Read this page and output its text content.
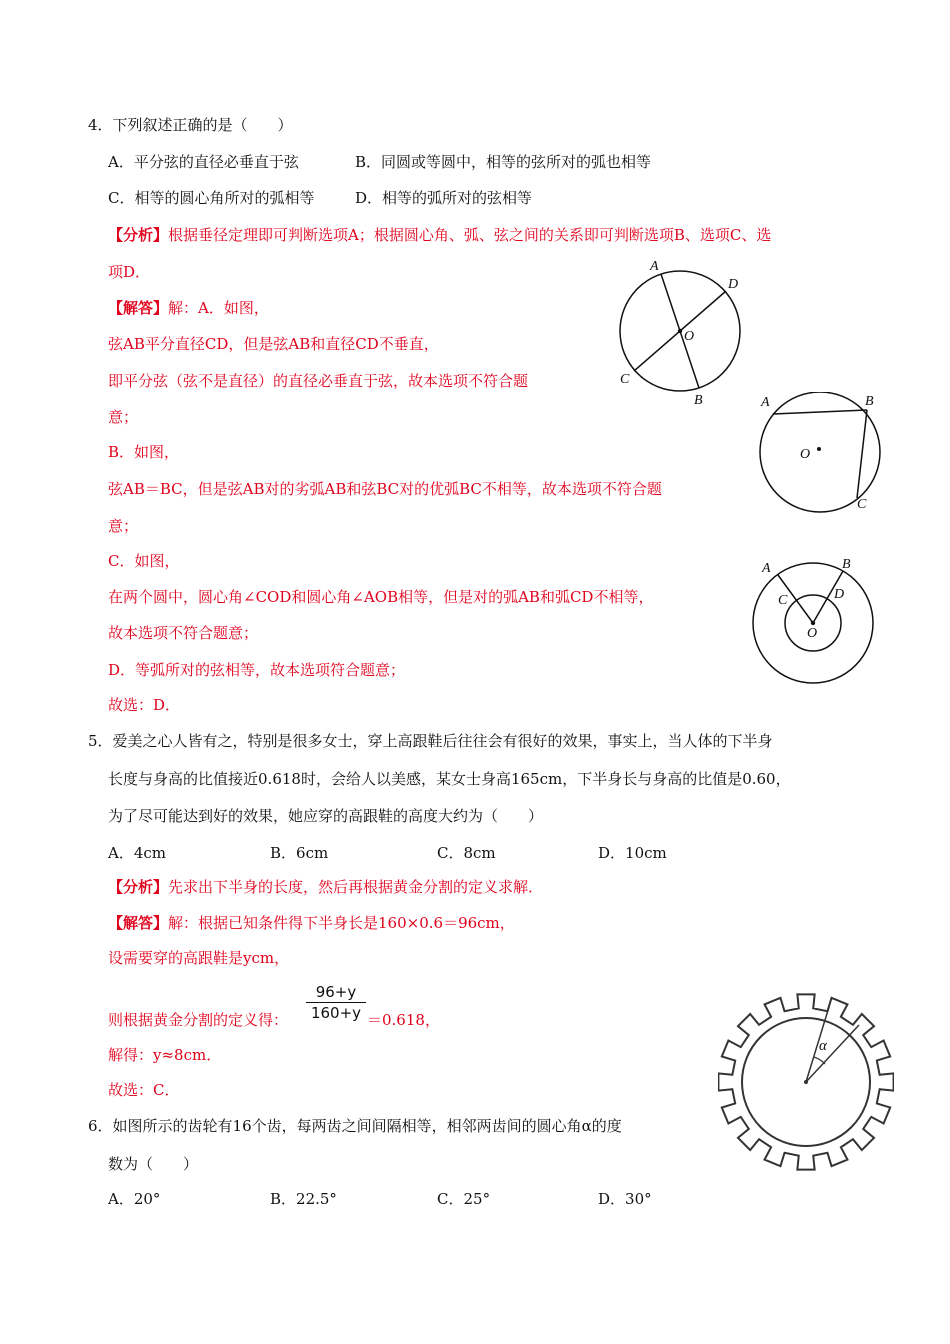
4．下列叙述正确的是（　　）
A．平分弦的直径必垂直于弦	B．同圆或等圆中，相等的弦所对的弧也相等
C．相等的圆心角所对的弧相等	D．相等的弧所对的弦相等
【分析】根据垂径定理即可判断选项A；根据圆心角、弧、弦之间的关系即可判断选项B、选项C、选
项D．
【解答】解：A．如图，
弦AB平分直径CD，但是弦AB和直径CD不垂直，
即平分弦（弦不是直径）的直径必垂直于弦，故本选项不符合题
意；
B．如图，
弦AB＝BC，但是弦AB对的劣弧AB和弦BC对的优弧BC不相等，故本选项不符合题
意；
C．如图，
在两个圆中，圆心角∠COD和圆心角∠AOB相等，但是对的弧AB和弧CD不相等，
故本选项不符合题意；
D．等弧所对的弦相等，故本选项符合题意；
故选：D．
A
D
O
C
B	A	B
O
C
A	B
C	D
O
5．爱美之心人皆有之，特别是很多女士，穿上高跟鞋后往往会有很好的效果，事实上，当人体的下半身
长度与身高的比值接近0.618时，会给人以美感，某女士身高165cm，下半身长与身高的比值是0.60，
为了尽可能达到好的效果，她应穿的高跟鞋的高度大约为（　　）
A．4cm	B．6cm	C．8cm	D．10cm
【分析】先求出下半身的长度，然后再根据黄金分割的定义求解．
【解答】解：根据已知条件得下半身长是160×0.6＝96cm，
设需要穿的高跟鞋是ycm，
则根据黄金分割的定义得： $\frac{96+y}{160+y} =0.618$，
解得：y≈8cm．
故选：C．
6．如图所示的齿轮有16个齿，每两齿之间间隔相等，相邻两齿间的圆心角α的度
数为（　　）
A．20°	B．22.5°	C．25°	D．30°
α
